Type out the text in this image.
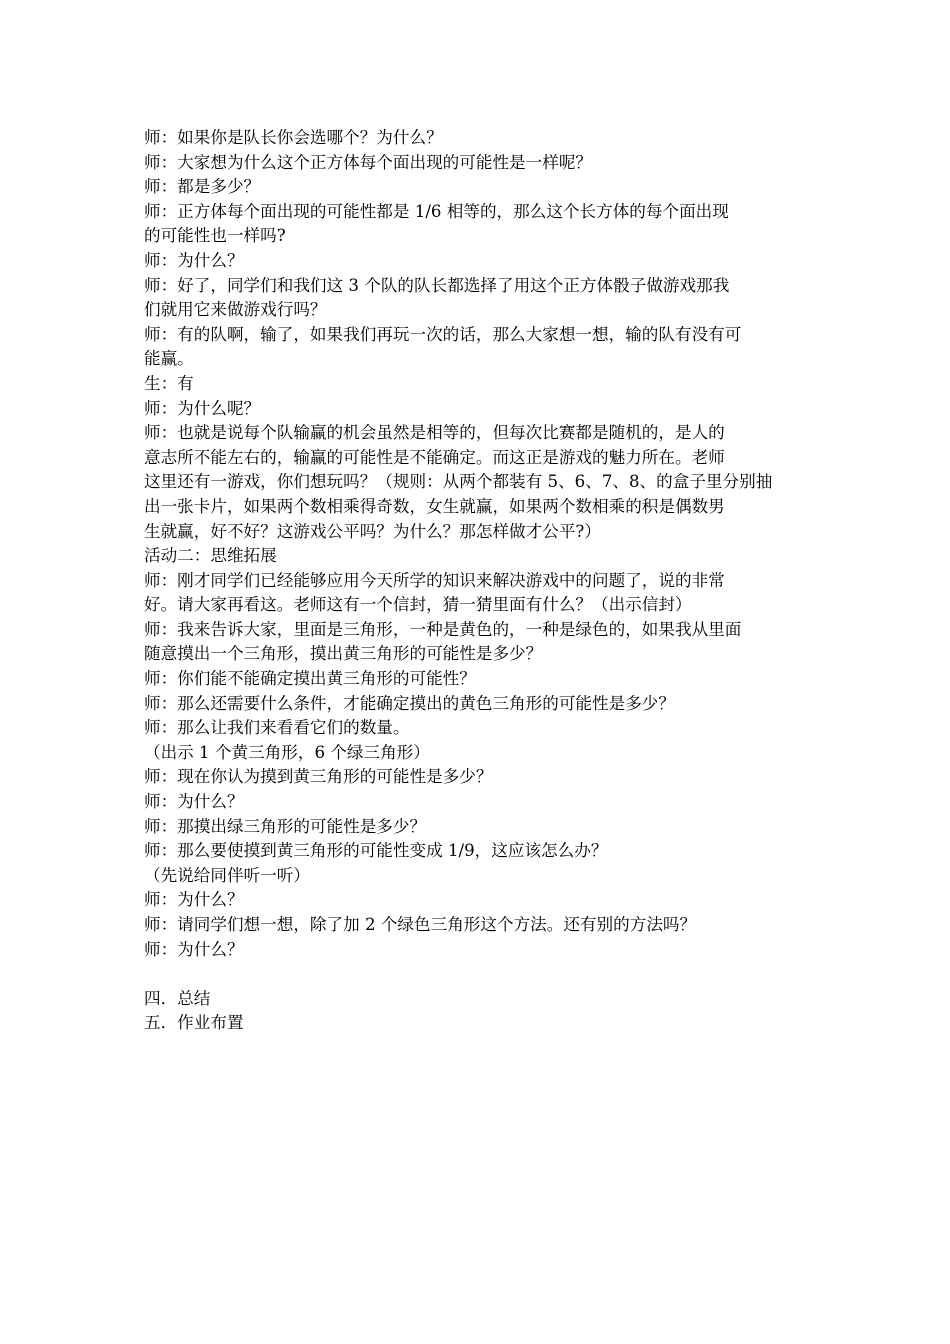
师：如果你是队长你会选哪个？为什么？

师：大家想为什么这个正方体每个面出现的可能性是一样呢？

师：都是多少？

师：正方体每个面出现的可能性都是 1/6 相等的，那么这个长方体的每个面出现

的可能性也一样吗?

师：为什么？

师：好了，同学们和我们这 3 个队的队长都选择了用这个正方体骰子做游戏那我

们就用它来做游戏行吗？

师：有的队啊，输了，如果我们再玩一次的话，那么大家想一想，输的队有没有可

能赢。

生：有

师：为什么呢？

师：也就是说每个队输赢的机会虽然是相等的，但每次比赛都是随机的，是人的

意志所不能左右的，输赢的可能性是不能确定。而这正是游戏的魅力所在。老师

这里还有一游戏，你们想玩吗？（规则：从两个都装有 5、6、7、8、的盒子里分别抽

出一张卡片，如果两个数相乘得奇数，女生就赢，如果两个数相乘的积是偶数男

生就赢，好不好？这游戏公平吗？为什么？那怎样做才公平?）

活动二：思维拓展

师：刚才同学们已经能够应用今天所学的知识来解决游戏中的问题了，说的非常

好。请大家再看这。老师这有一个信封，猜一猜里面有什么？（出示信封）

师：我来告诉大家，里面是三角形，一种是黄色的，一种是绿色的，如果我从里面

随意摸出一个三角形，摸出黄三角形的可能性是多少？

师：你们能不能确定摸出黄三角形的可能性？

师：那么还需要什么条件，才能确定摸出的黄色三角形的可能性是多少？

师：那么让我们来看看它们的数量。

（出示 1 个黄三角形，6 个绿三角形）

师：现在你认为摸到黄三角形的可能性是多少？

师：为什么？

师：那摸出绿三角形的可能性是多少？

师：那么要使摸到黄三角形的可能性变成 1/9，这应该怎么办？

（先说给同伴听一听）

师：为什么？

师：请同学们想一想，除了加 2 个绿色三角形这个方法。还有别的方法吗？

师：为什么？

四．总结

五．作业布置
